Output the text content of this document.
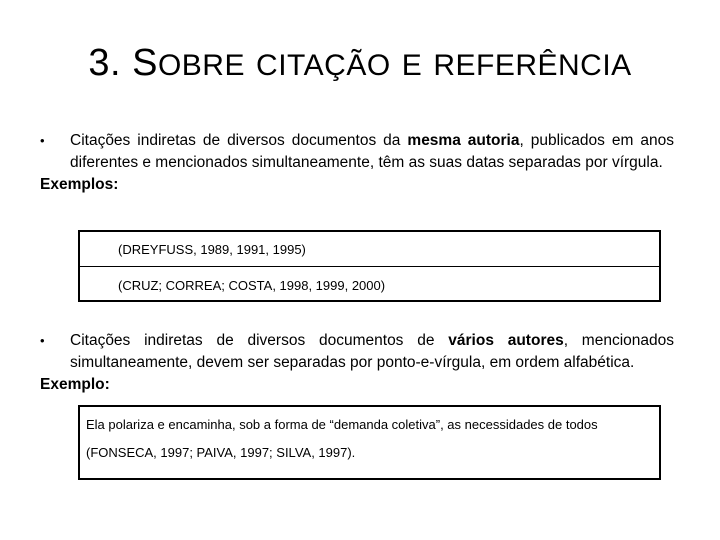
3. SOBRE CITAÇÃO E REFERÊNCIA
•	Citações indiretas de diversos documentos da mesma autoria, publicados em anos diferentes e mencionados simultaneamente, têm as suas datas separadas por vírgula.
Exemplos:
(DREYFUSS, 1989, 1991, 1995)
(CRUZ; CORREA; COSTA, 1998, 1999, 2000)
•	Citações indiretas de diversos documentos de vários autores, mencionados simultaneamente, devem ser separadas por ponto-e-vírgula, em ordem alfabética.
Exemplo:
Ela polariza e encaminha, sob a forma de “demanda coletiva”, as necessidades de todos
(FONSECA, 1997; PAIVA, 1997; SILVA, 1997).
